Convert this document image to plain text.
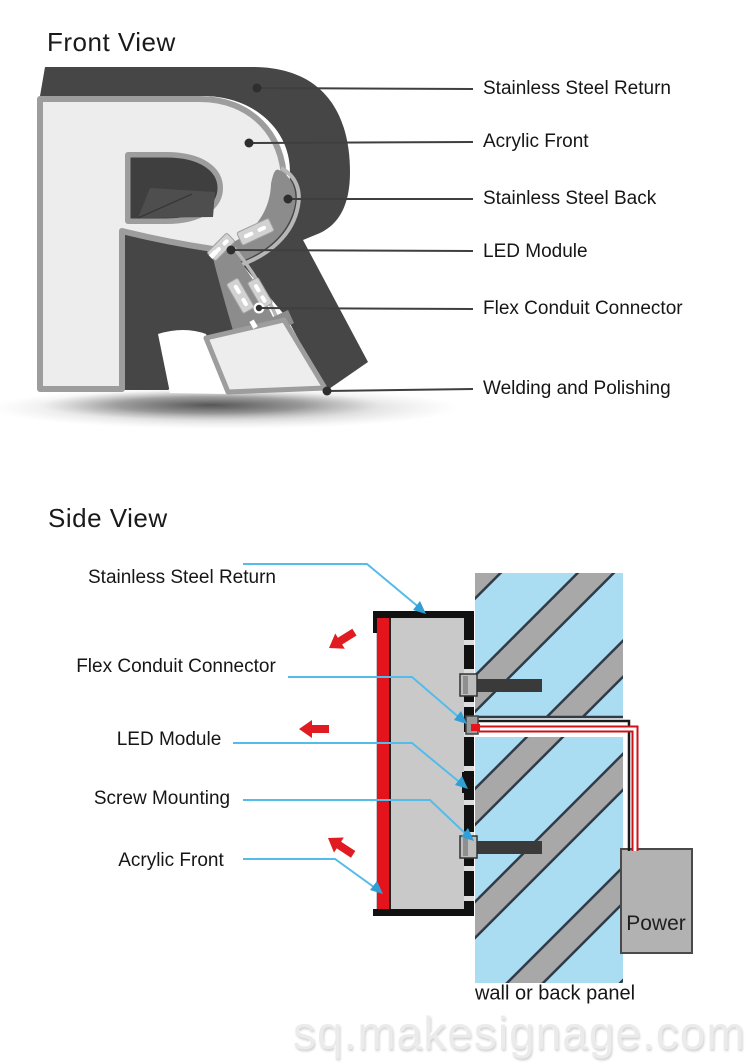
Front View
Stainless Steel Return
Acrylic Front
Stainless Steel Back
LED Module
Flex Conduit Connector
Welding and Polishing
Side View
Stainless Steel Return
Flex Conduit Connector
LED Module
Screw Mounting
Acrylic Front
Power
wall or back panel
sq.makesignage.com
